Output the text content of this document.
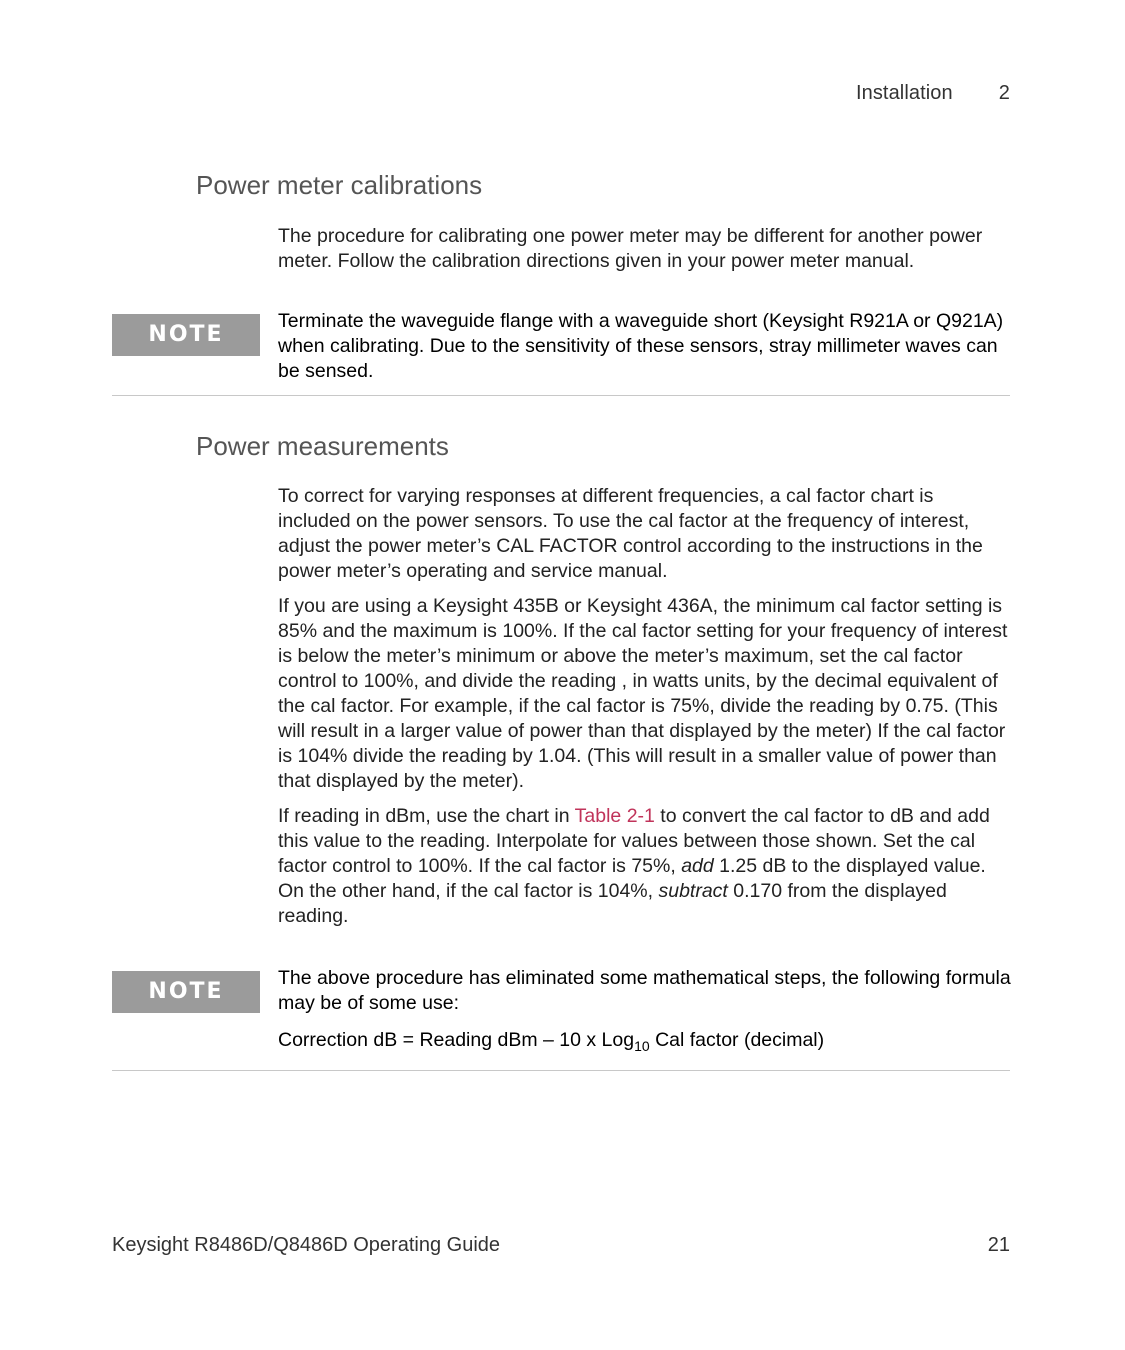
Installation 2
Power meter calibrations

The procedure for calibrating one power meter may be different for another power meter. Follow the calibration directions given in your power meter manual.

NOTE

Terminate the waveguide flange with a waveguide short (Keysight R921A or Q921A) when calibrating. Due to the sensitivity of these sensors, stray millimeter waves can be sensed.

Power measurements

To correct for varying responses at different frequencies, a cal factor chart is included on the power sensors. To use the cal factor at the frequency of interest, adjust the power meter’s CAL FACTOR control according to the instructions in the power meter’s operating and service manual.

If you are using a Keysight 435B or Keysight 436A, the minimum cal factor setting is 85% and the maximum is 100%. If the cal factor setting for your frequency of interest is below the meter’s minimum or above the meter’s maximum, set the cal factor control to 100%, and divide the reading , in watts units, by the decimal equivalent of the cal factor. For example, if the cal factor is 75%, divide the reading by 0.75. (This will result in a larger value of power than that displayed by the meter) If the cal factor is 104% divide the reading by 1.04. (This will result in a smaller value of power than that displayed by the meter).

If reading in dBm, use the chart in Table 2-1 to convert the cal factor to dB and add this value to the reading. Interpolate for values between those shown. Set the cal factor control to 100%. If the cal factor is 75%, add 1.25 dB to the displayed value. On the other hand, if the cal factor is 104%, subtract 0.170 from the displayed reading.

NOTE

The above procedure has eliminated some mathematical steps, the following formula may be of some use:

Correction dB = Reading dBm – 10 x Log$_{10}$ Cal factor (decimal)

Keysight R8486D/Q8486D Operating Guide	21
